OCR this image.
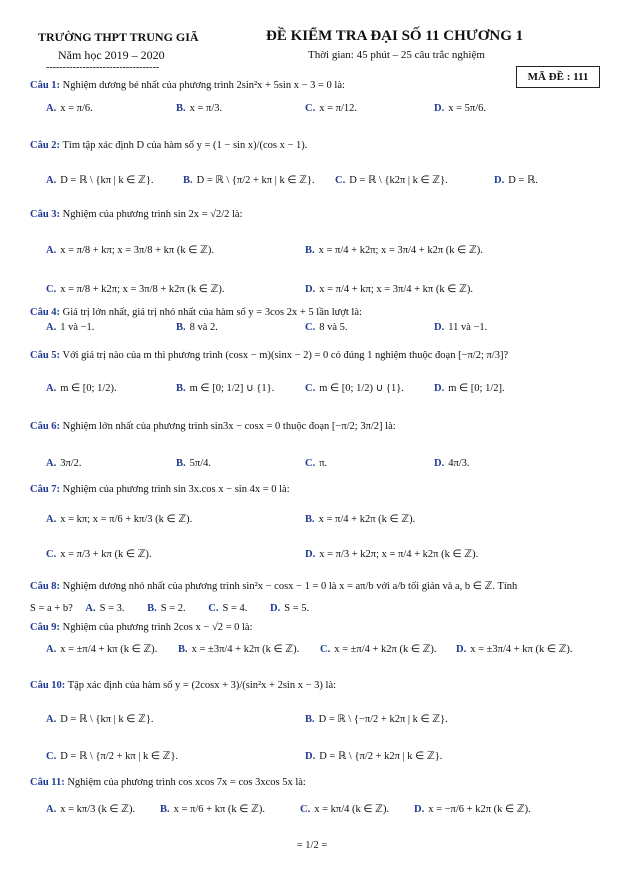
TRƯỜNG THPT TRUNG GIÃ
Năm học 2019 – 2020
----------------------------------
ĐỀ KIỂM TRA ĐẠI SỐ 11 CHƯƠNG 1
Thời gian: 45 phút – 25 câu trắc nghiệm
MÃ ĐỀ : 111
Câu 1: Nghiệm dương bé nhất của phương trình 2sin²x + 5sin x − 3 = 0 là:
A. x = π/6.	B. x = π/3.	C. x = π/12.	D. x = 5π/6.
Câu 2: Tìm tập xác định D của hàm số y = (1 − sin x)/(cos x − 1).
A. D = ℝ \ {kπ | k ∈ ℤ}.	B. D = ℝ \ {π/2 + kπ | k ∈ ℤ}. C. D = ℝ \ {k2π | k ∈ ℤ}.	D. D = ℝ.
Câu 3: Nghiệm của phương trình sin 2x = √2/2 là:
A. x = π/8 + kπ; x = 3π/8 + kπ (k ∈ ℤ).	B. x = π/4 + k2π; x = 3π/4 + k2π (k ∈ ℤ).
C. x = π/8 + k2π; x = 3π/8 + k2π (k ∈ ℤ).	D. x = π/4 + kπ; x = 3π/4 + kπ (k ∈ ℤ).
Câu 4: Giá trị lớn nhất, giá trị nhỏ nhất của hàm số y = 3cos 2x + 5 lần lượt là:
A. 1 và −1.	B. 8 và 2.	C. 8 và 5.	D. 11 và −1.
Câu 5: Với giá trị nào của m thì phương trình (cosx − m)(sinx − 2) = 0 có đúng 1 nghiệm thuộc đoạn [−π/2; π/3]?
A. m ∈ [0; 1/2).	B. m ∈ [0; 1/2] ∪ {1}.	C. m ∈ [0; 1/2) ∪ {1}.	D. m ∈ [0; 1/2].
Câu 6: Nghiệm lớn nhất của phương trình sin3x − cosx = 0 thuộc đoạn [−π/2; 3π/2] là:
A. 3π/2.	B. 5π/4.	C. π.	D. 4π/3.
Câu 7: Nghiệm của phương trình sin 3x.cos x − sin 4x = 0 là:
A. x = kπ; x = π/6 + kπ/3 (k ∈ ℤ).	B. x = π/4 + k2π (k ∈ ℤ).
C. x = π/3 + kπ (k ∈ ℤ).	D. x = π/3 + k2π; x = π/4 + k2π (k ∈ ℤ).
Câu 8: Nghiệm dương nhỏ nhất của phương trình sin²x − cosx − 1 = 0 là x = aπ/b với a/b tối giản và a, b ∈ ℤ. Tính
S = a + b? A. S = 3. B. S = 2. C. S = 4. D. S = 5.
Câu 9: Nghiệm của phương trình 2cos x − √2 = 0 là:
A. x = ±π/4 + kπ (k ∈ ℤ). B. x = ±3π/4 + k2π (k ∈ ℤ). C. x = ±π/4 + k2π (k ∈ ℤ). D. x = ±3π/4 + kπ (k ∈ ℤ).
Câu 10: Tập xác định của hàm số y = (2cosx + 3)/(sin²x + 2sin x − 3) là:
A. D = ℝ \ {kπ | k ∈ ℤ}.	B. D = ℝ \ {−π/2 + k2π | k ∈ ℤ}.
C. D = ℝ \ {π/2 + kπ | k ∈ ℤ}.	D. D = ℝ \ {π/2 + k2π | k ∈ ℤ}.
Câu 11: Nghiệm của phương trình cos xcos 7x = cos 3xcos 5x là:
A. x = kπ/3 (k ∈ ℤ). B. x = π/6 + kπ (k ∈ ℤ).	C. x = kπ/4 (k ∈ ℤ). D. x = −π/6 + k2π (k ∈ ℤ).
= 1/2 =
